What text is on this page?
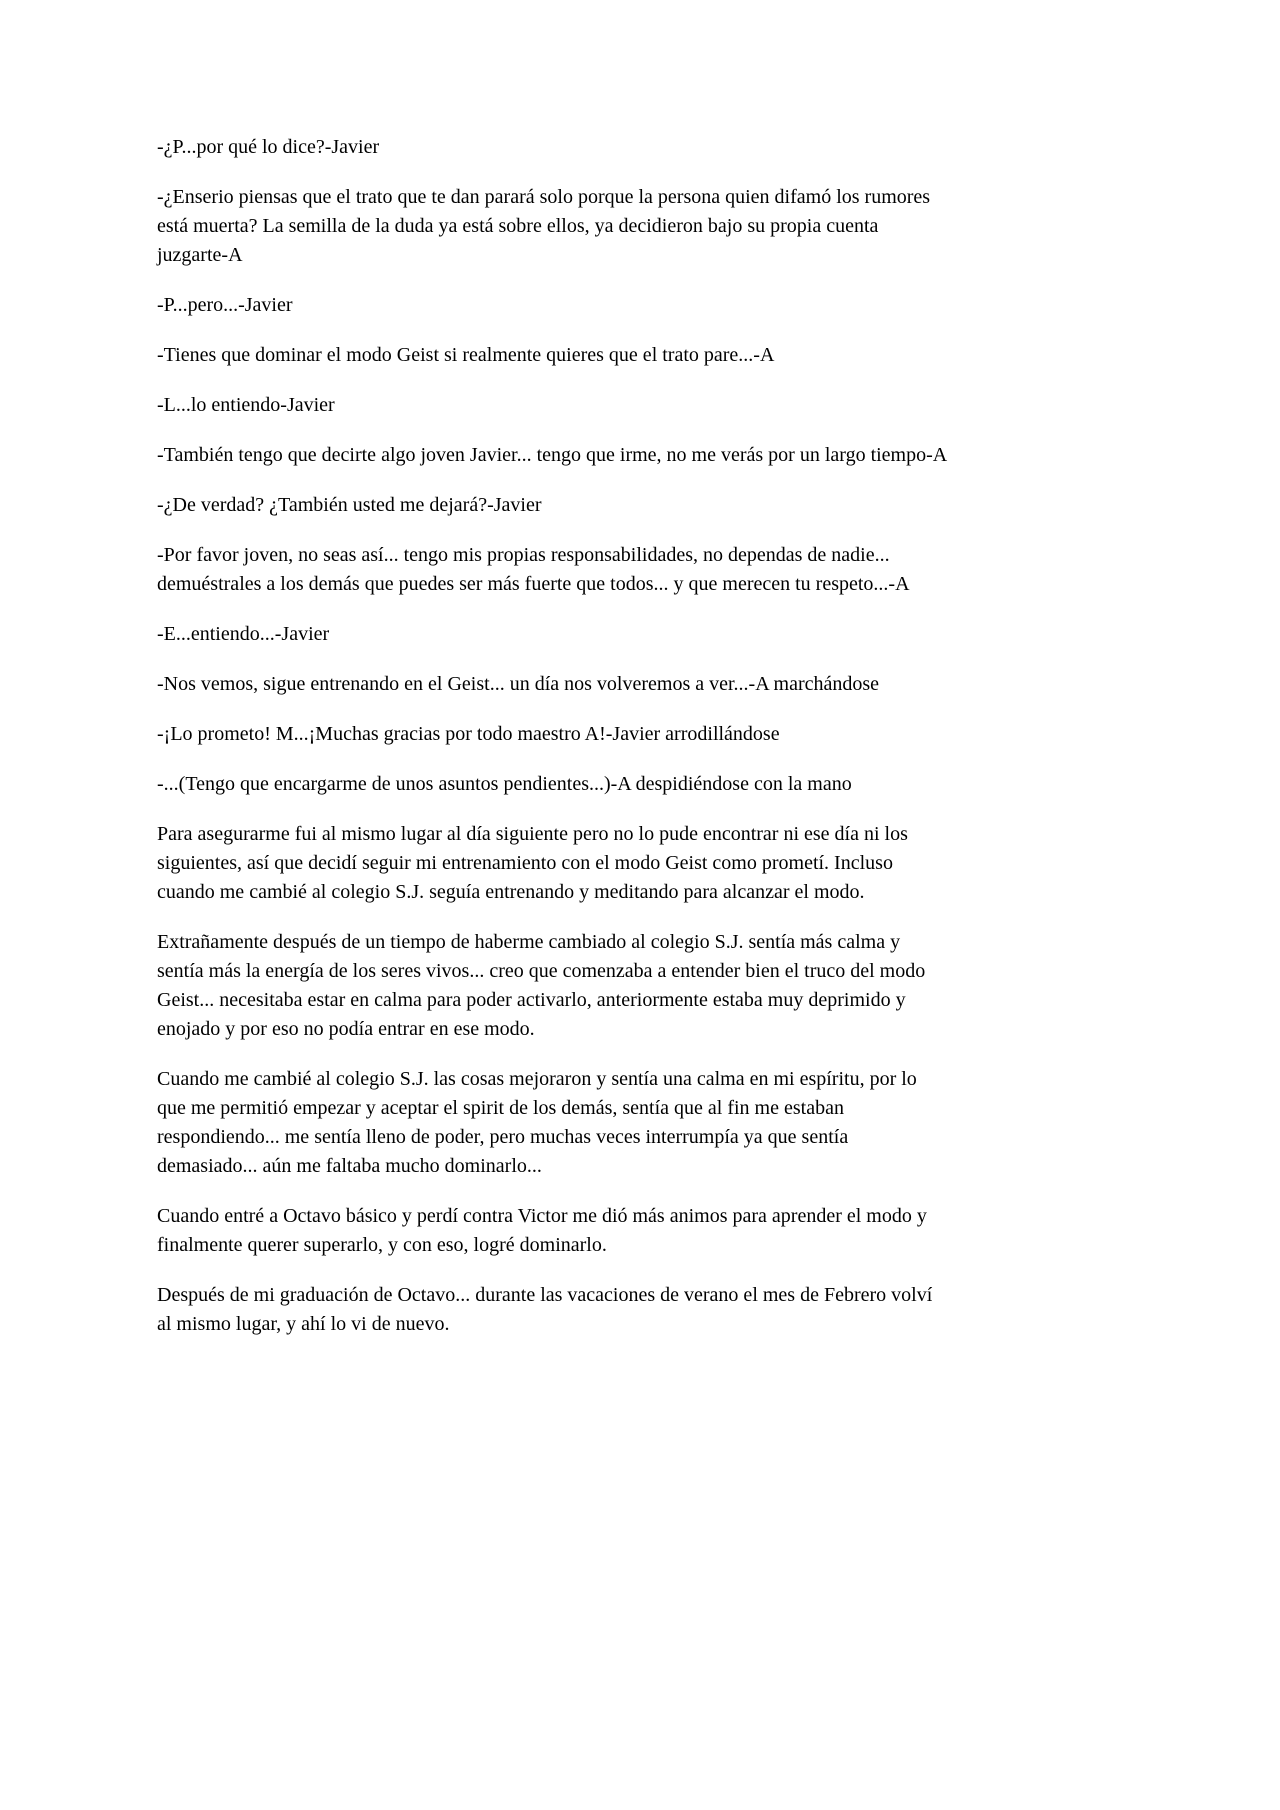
-¿P...por qué lo dice?-Javier

-¿Enserio piensas que el trato que te dan parará solo porque la persona quien difamó los rumores está muerta? La semilla de la duda ya está sobre ellos, ya decidieron bajo su propia cuenta juzgarte-A

-P...pero...-Javier

-Tienes que dominar el modo Geist si realmente quieres que el trato pare...-A

-L...lo entiendo-Javier

-También tengo que decirte algo joven Javier... tengo que irme, no me verás por un largo tiempo-A

-¿De verdad? ¿También usted me dejará?-Javier

-Por favor joven, no seas así... tengo mis propias responsabilidades, no dependas de nadie... demuéstrales a los demás que puedes ser más fuerte que todos... y que merecen tu respeto...-A

-E...entiendo...-Javier

-Nos vemos, sigue entrenando en el Geist... un día nos volveremos a ver...-A marchándose

-¡Lo prometo! M...¡Muchas gracias por todo maestro A!-Javier arrodillándose

-...(Tengo que encargarme de unos asuntos pendientes...)-A despidiéndose con la mano

Para asegurarme fui al mismo lugar al día siguiente pero no lo pude encontrar ni ese día ni los siguientes, así que decidí seguir mi entrenamiento con el modo Geist como prometí. Incluso cuando me cambié al colegio S.J. seguía entrenando y meditando para alcanzar el modo.

Extrañamente después de un tiempo de haberme cambiado al colegio S.J. sentía más calma y sentía más la energía de los seres vivos... creo que comenzaba a entender bien el truco del modo Geist... necesitaba estar en calma para poder activarlo, anteriormente estaba muy deprimido y enojado y por eso no podía entrar en ese modo.

Cuando me cambié al colegio S.J. las cosas mejoraron y sentía una calma en mi espíritu, por lo que me permitió empezar y aceptar el spirit de los demás, sentía que al fin me estaban respondiendo... me sentía lleno de poder, pero muchas veces interrumpía ya que sentía demasiado... aún me faltaba mucho dominarlo...

Cuando entré a Octavo básico y perdí contra Victor me dió más animos para aprender el modo y finalmente querer superarlo, y con eso, logré dominarlo.

Después de mi graduación de Octavo... durante las vacaciones de verano el mes de Febrero volví al mismo lugar, y ahí lo vi de nuevo.
